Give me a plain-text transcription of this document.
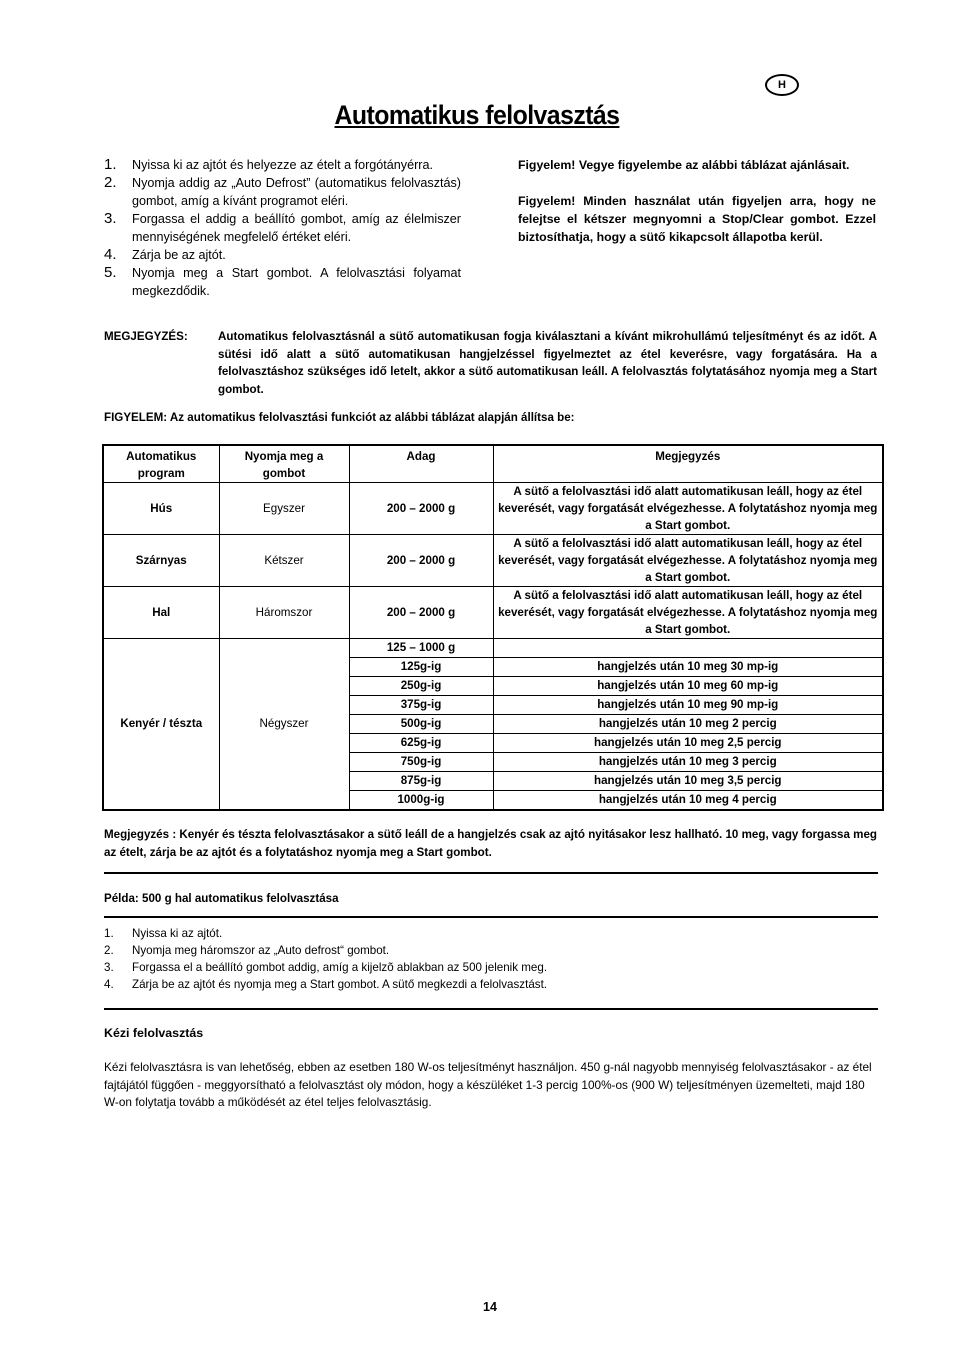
H
Automatikus felolvasztás
1. Nyissa ki az ajtót és helyezze az ételt a forgótányérra.
2. Nyomja addig az „Auto Defrost” (automatikus felolvasztás) gombot, amíg a kívánt programot eléri.
3. Forgassa el addig a beállító gombot, amíg az élelmiszer mennyiségének megfelelő értéket eléri.
4. Zárja be az ajtót.
5. Nyomja meg a Start gombot. A felolvasztási folyamat megkezdődik.
Figyelem! Vegye figyelembe az alábbi táblázat ajánlásait.
Figyelem! Minden használat után figyeljen arra, hogy ne felejtse el kétszer megnyomni a Stop/Clear gombot. Ezzel biztosíthatja, hogy a sütő kikapcsolt állapotba kerül.
MEGJEGYZÉS:	Automatikus felolvasztásnál a sütő automatikusan fogja kiválasztani a kívánt mikrohullámú teljesítményt és az időt. A sütési idő alatt a sütő automatikusan hangjelzéssel figyelmeztet az étel keverésre, vagy forgatására. Ha a felolvasztáshoz szükséges idő letelt, akkor a sütő automatikusan leáll. A felolvasztás folytatásához nyomja meg a Start gombot.
FIGYELEM: Az automatikus felolvasztási funkciót az alábbi táblázat alapján állítsa be:
Automatikus program	Nyomja meg a gombot	Adag	Megjegyzés
Hús	Egyszer	200 – 2000 g	A sütő a felolvasztási idő alatt automatikusan leáll, hogy az étel keverését, vagy forgatását elvégezhesse. A folytatáshoz nyomja meg a Start gombot.
Szárnyas	Kétszer	200 – 2000 g	A sütő a felolvasztási idő alatt automatikusan leáll, hogy az étel keverését, vagy forgatását elvégezhesse. A folytatáshoz nyomja meg a Start gombot.
Hal	Háromszor	200 – 2000 g	A sütő a felolvasztási idő alatt automatikusan leáll, hogy az étel keverését, vagy forgatását elvégezhesse. A folytatáshoz nyomja meg a Start gombot.
Kenyér / tészta	Négyszer	125 – 1000 g	
		125g-ig	hangjelzés után 10 meg 30 mp-ig
		250g-ig	hangjelzés után 10 meg 60 mp-ig
		375g-ig	hangjelzés után 10 meg 90 mp-ig
		500g-ig	hangjelzés után 10 meg 2 percig
		625g-ig	hangjelzés után 10 meg 2,5 percig
		750g-ig	hangjelzés után 10 meg 3 percig
		875g-ig	hangjelzés után 10 meg 3,5 percig
		1000g-ig	hangjelzés után 10 meg 4 percig
Megjegyzés : Kenyér és tészta felolvasztásakor a sütő leáll de a hangjelzés csak az ajtó nyitásakor lesz hallható. 10 meg, vagy forgassa meg az ételt, zárja be az ajtót és a folytatáshoz nyomja meg a Start gombot.
Példa: 500 g hal automatikus felolvasztása
1. Nyissa ki az ajtót.
2. Nyomja meg háromszor az „Auto defrost“ gombot.
3. Forgassa el a beállító gombot addig, amíg a kijelzõ ablakban az 500 jelenik meg.
4. Zárja be az ajtót és nyomja meg a Start gombot. A sütő megkezdi a felolvasztást.
Kézi felolvasztás
Kézi felolvasztásra is van lehetőség, ebben az esetben 180 W-os teljesítményt használjon. 450 g-nál nagyobb mennyiség felolvasztásakor - az étel fajtájától függően - meggyorsítható a felolvasztást oly módon, hogy a készüléket 1-3 percig 100%-os (900 W) teljesítményen üzemelteti, majd 180 W-on folytatja tovább a működését az étel teljes felolvasztásig.
14
